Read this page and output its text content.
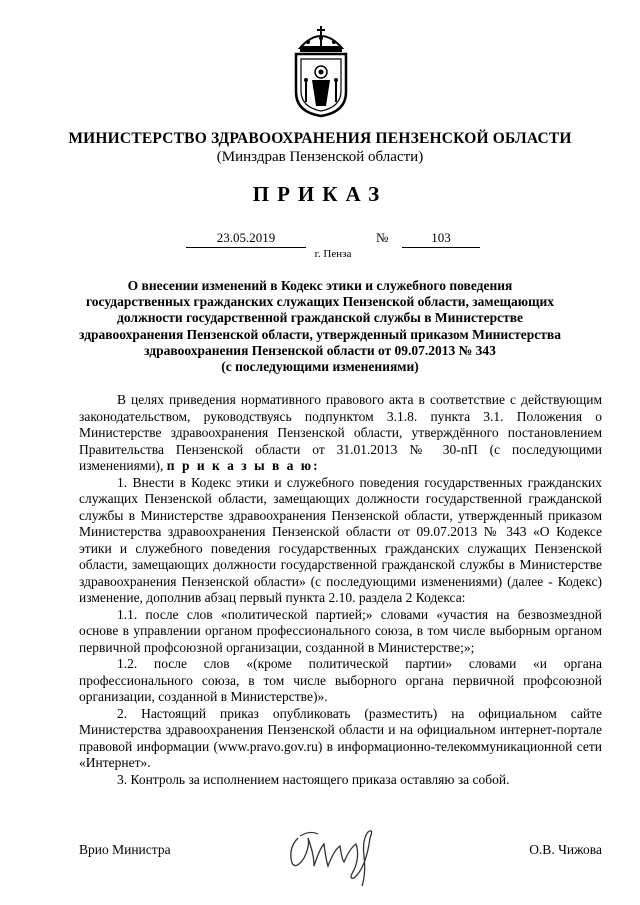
МИНИСТЕРСТВО ЗДРАВООХРАНЕНИЯ ПЕНЗЕНСКОЙ ОБЛАСТИ
(Минздрав Пензенской области)
ПРИКАЗ
23.05.2019	№	103
г. Пенза
О внесении изменений в Кодекс этики и служебного поведения
государственных гражданских служащих Пензенской области, замещающих
должности государственной гражданской службы в Министерстве
здравоохранения Пензенской области, утвержденный приказом Министерства
здравоохранения Пензенской области от 09.07.2013 № 343
(с последующими изменениями)

В целях приведения нормативного правового акта в соответствие с действующим законодательством, руководствуясь подпунктом 3.1.8. пункта 3.1. Положения о Министерстве здравоохранения Пензенской области, утверждённого постановлением Правительства Пензенской области от 31.01.2013 № 30-пП (с последующими изменениями), п р и к а з ы в а ю:

1. Внести в Кодекс этики и служебного поведения государственных гражданских служащих Пензенской области, замещающих должности государственной гражданской службы в Министерстве здравоохранения Пензенской области, утвержденный приказом Министерства здравоохранения Пензенской области от 09.07.2013 № 343 «О Кодексе этики и служебного поведения государственных гражданских служащих Пензенской области, замещающих должности государственной гражданской службы в Министерстве здравоохранения Пензенской области» (с последующими изменениями) (далее - Кодекс) изменение, дополнив абзац первый пункта 2.10. раздела 2 Кодекса:

1.1. после слов «политической партией;» словами «участия на безвозмездной основе в управлении органом профессионального союза, в том числе выборным органом первичной профсоюзной организации, созданной в Министерстве;»;

1.2. после слов «(кроме политической партии» словами «и органа профессионального союза, в том числе выборного органа первичной профсоюзной организации, созданной в Министерстве)».

2. Настоящий приказ опубликовать (разместить) на официальном сайте Министерства здравоохранения Пензенской области и на официальном интернет-портале правовой информации (www.pravo.gov.ru) в информационно-телекоммуникационной сети «Интернет».

3. Контроль за исполнением настоящего приказа оставляю за собой.

Врио Министра	О.В. Чижова
